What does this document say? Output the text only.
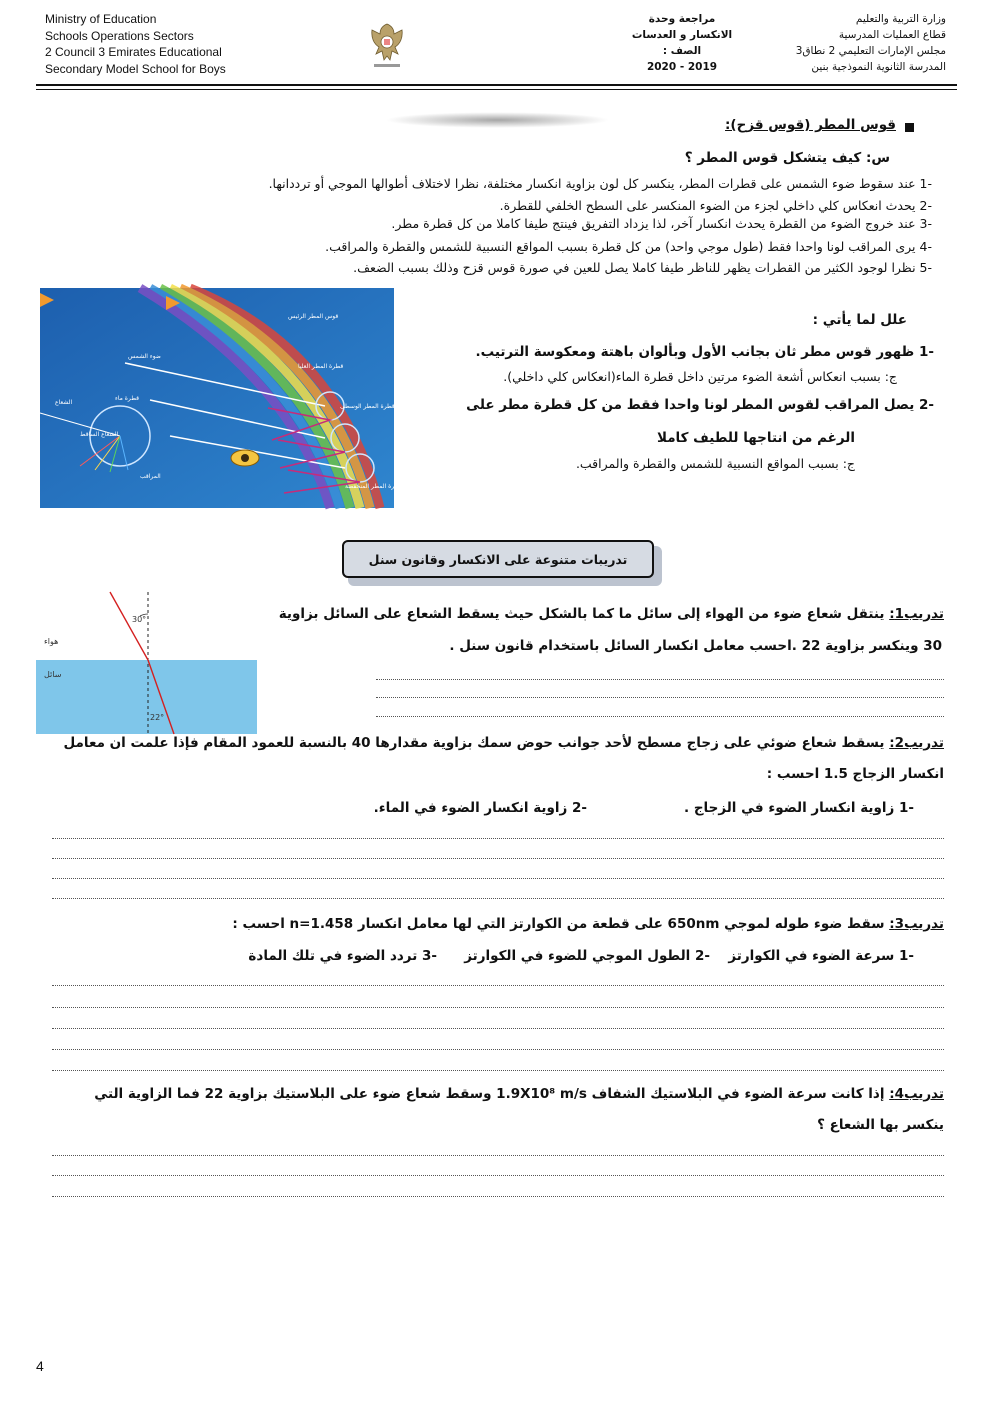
Ministry of Education
Schools Operations Sectors
2 Council 3 Emirates Educational
Secondary Model School for Boys
مراجعة وحدة
الانكسار و العدسات
الصف :
2020 - 2019
وزارة التربية والتعليم
قطاع العمليات المدرسية
مجلس الإمارات التعليمي 2 نطاق3
المدرسة الثانوية النموذجية بنين
قوس المطر (قوس قزح):
س: كيف يتشكل قوس المطر ؟
-1 عند سقوط ضوء الشمس على قطرات المطر، ينكسر كل لون بزاوية انكسار مختلفة، نظرا لاختلاف أطوالها الموجي أو ترددانها.
-2 يحدث انعكاس كلي داخلي لجزء من الضوء المنكسر على السطح الخلفي للقطرة.
-3 عند خروج الضوء من القطرة يحدث انكسار آخر، لذا يزداد التفريق فينتج طيفا كاملا من كل قطرة مطر.
-4 يرى المراقب لونا واحدا فقط (طول موجي واحد) من كل قطرة بسبب المواقع النسبية للشمس والقطرة والمراقب.
-5 نظرا لوجود الكثير من القطرات يظهر للناظر طيفا كاملا يصل للعين في صورة قوس قزح وذلك بسبب الضعف.
قوس المطر الرئيس
ضوء الشمس
قطرة المطر العليا
قطرة المطر الوسطى
قطرة المطر المنخفضة
قطرة ماء
الشعاع
الشعاع الساقط
المراقب
علل لما يأتي :
-1 ظهور قوس مطر ثان بجانب الأول وبألوان باهتة ومعكوسة الترتيب.
ج: بسبب انعكاس أشعة الضوء مرتين داخل قطرة الماء(انعكاس كلي داخلي).
-2 يصل المراقب لقوس المطر لونا واحدا فقط من كل قطرة مطر على
الرغم من انتاجها للطيف كاملا
ج: بسبب المواقع النسبية للشمس والقطرة والمراقب.
تدريبات متنوعة على الانكسار وقانون سنل
30°
22°
هواء
سائل
تدريب1: ينتقل شعاع ضوء من الهواء إلى سائل ما كما بالشكل حيث يسقط الشعاع على السائل بزاوية
30 وينكسر بزاوية 22 .احسب معامل انكسار السائل باستخدام قانون سنل .
تدريب2: يسقط شعاع ضوئي على زجاج مسطح لأحد جوانب حوض سمك بزاوية مقدارها 40 بالنسبة للعمود المقام فإذا علمت ان معامل
انكسار الزجاج 1.5 احسب :
-1 زاوية انكسار الضوء في الزجاج .
-2 زاوية انكسار الضوء في الماء.
تدريب3: سقط ضوء طوله لموجي 650nm على قطعة من الكوارتز التي لها معامل انكسار n=1.458 احسب :
-1 سرعة الضوء في الكوارتز
-2 الطول الموجي للضوء في الكوارتز
-3 تردد الضوء في تلك المادة
تدريب4: إذا كانت سرعة الضوء في البلاستيك الشفاف 1.9X10⁸ m/s وسقط شعاع ضوء على البلاستيك بزاوية 22 فما الزاوية التي
ينكسر بها الشعاع ؟
4
